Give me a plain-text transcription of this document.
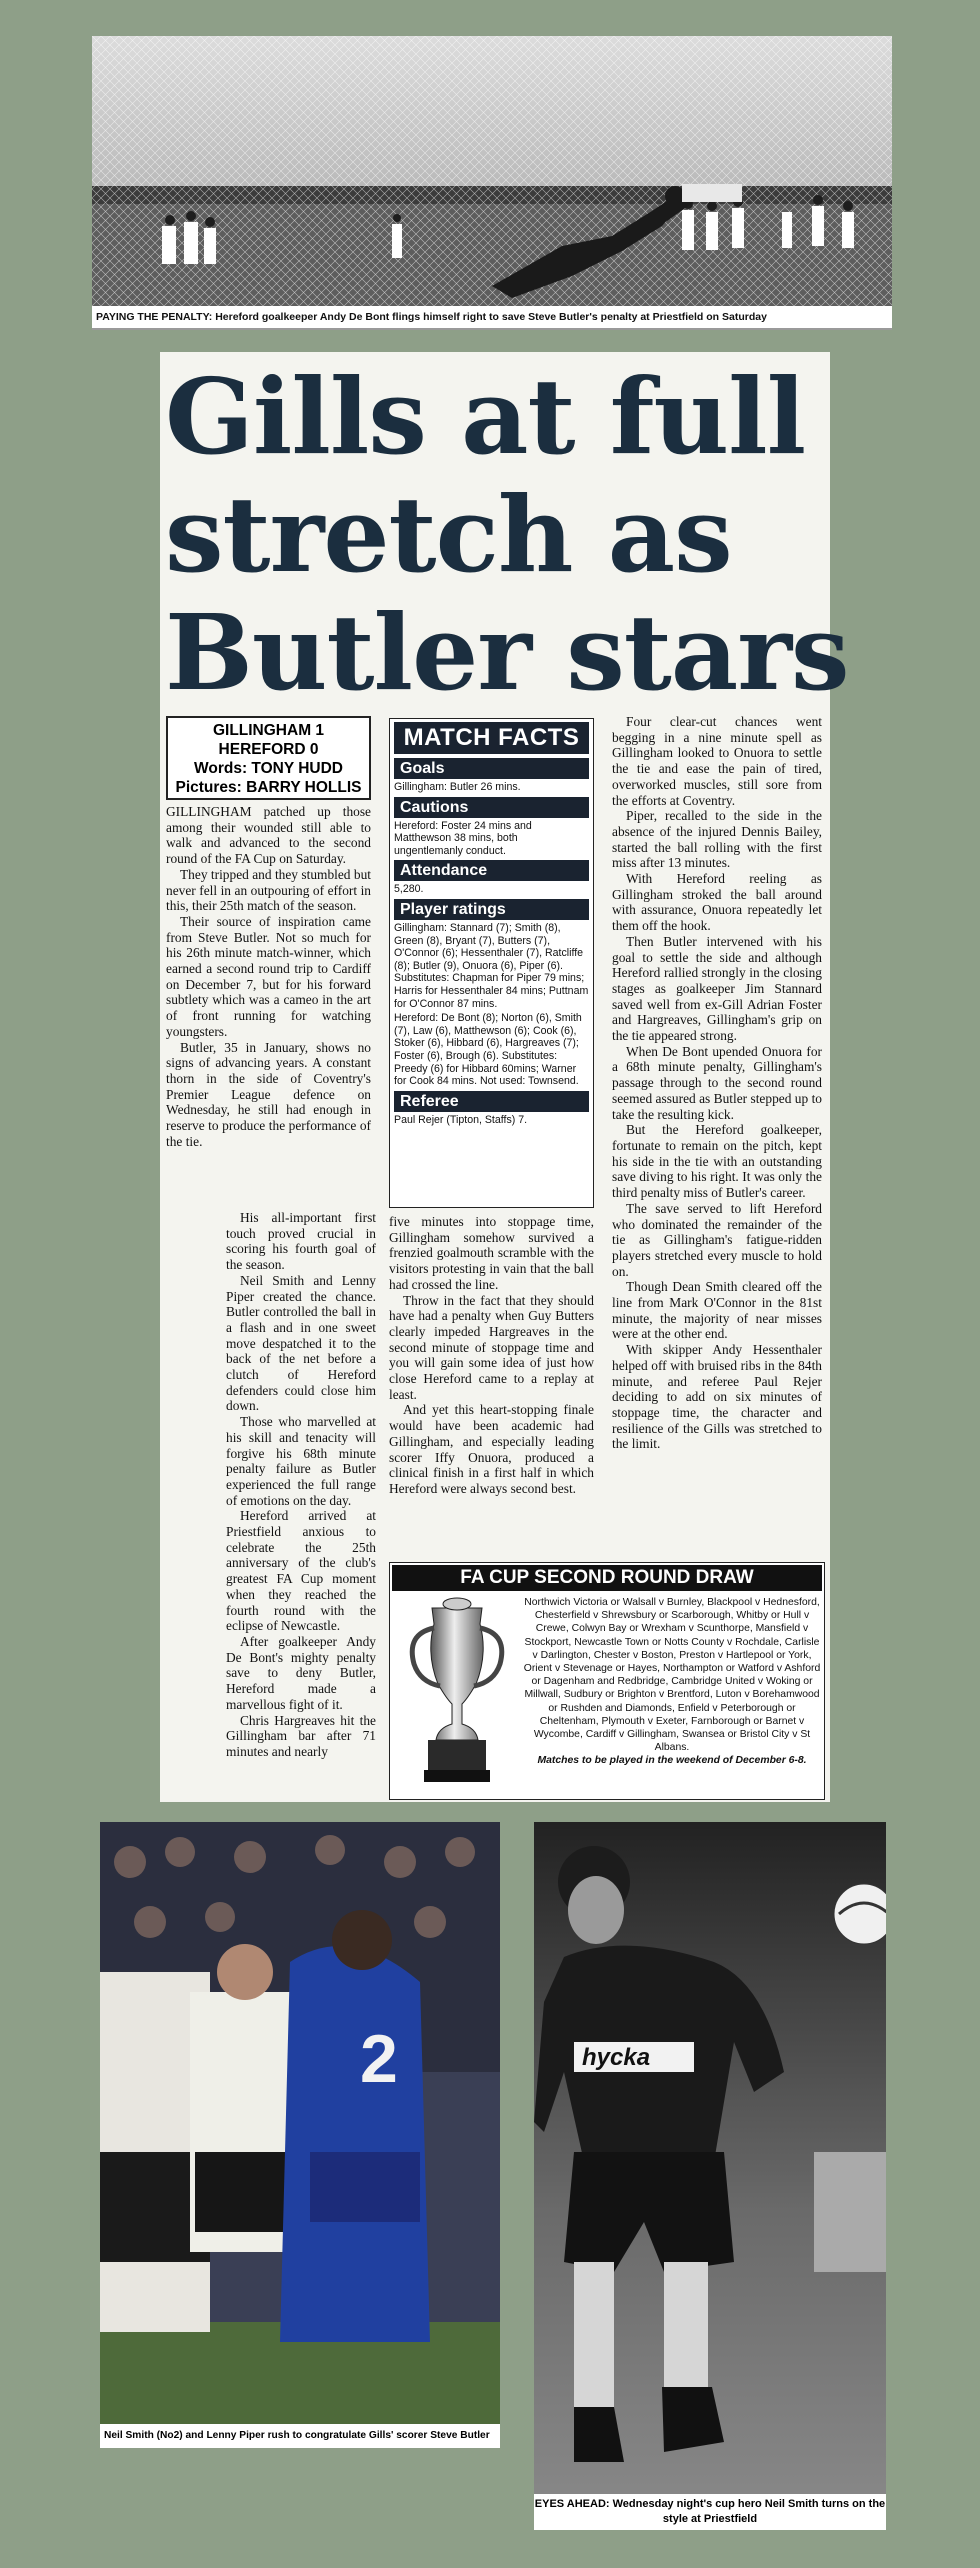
PAYING THE PENALTY: Hereford goalkeeper Andy De Bont flings himself right to save Steve Butler's penalty at Priestfield on Saturday
Gills at full
stretch as
Butler stars
GILLINGHAM 1
HEREFORD 0
Words: TONY HUDD
Pictures: BARRY HOLLIS

GILLINGHAM patched up those among their wounded still able to walk and advanced to the second round of the FA Cup on Saturday.

They tripped and they stumbled but never fell in an outpouring of effort in this, their 25th match of the season.

Their source of inspiration came from Steve Butler. Not so much for his 26th minute match-winner, which earned a second round trip to Cardiff on December 7, but for his forward subtlety which was a cameo in the art of front running for watching youngsters.

Butler, 35 in January, shows no signs of advancing years. A constant thorn in the side of Coventry's Premier League defence on Wednesday, he still had enough in reserve to produce the performance of the tie.

His all-important first touch proved crucial in scoring his fourth goal of the season.

Neil Smith and Lenny Piper created the chance. Butler controlled the ball in a flash and in one sweet move despatched it to the back of the net before a clutch of Hereford defenders could close him down.

Those who marvelled at his skill and tenacity will forgive his 68th minute penalty failure as Butler experienced the full range of emotions on the day.

Hereford arrived at Priestfield anxious to celebrate the 25th anniversary of the club's greatest FA Cup moment when they reached the fourth round with the eclipse of Newcastle.

After goalkeeper Andy De Bont's mighty penalty save to deny Butler, Hereford made a marvellous fight of it.

Chris Hargreaves hit the Gillingham bar after 71 minutes and nearly

MATCH FACTS
Goals
Gillingham: Butler 26 mins.
Cautions
Hereford: Foster 24 mins and Matthewson 38 mins, both ungentlemanly conduct.
Attendance
5,280.
Player ratings
Gillingham: Stannard (7); Smith (8), Green (8), Bryant (7), Butters (7), O'Connor (6); Hessenthaler (7), Ratcliffe (8); Butler (9), Onuora (6), Piper (6). Substitutes: Chapman for Piper 79 mins; Harris for Hessenthaler 84 mins; Puttnam for O'Connor 87 mins.
Hereford: De Bont (8); Norton (6), Smith (7), Law (6), Matthewson (6); Cook (6), Stoker (6), Hibbard (6), Hargreaves (7); Foster (6), Brough (6). Substitutes: Preedy (6) for Hibbard 60mins; Warner for Cook 84 mins. Not used: Townsend.
Referee
Paul Rejer (Tipton, Staffs) 7.

five minutes into stoppage time, Gillingham somehow survived a frenzied goalmouth scramble with the visitors protesting in vain that the ball had crossed the line.

Throw in the fact that they should have had a penalty when Guy Butters clearly impeded Hargreaves in the second minute of stoppage time and you will gain some idea of just how close Hereford came to a replay at least.

And yet this heart-stopping finale would have been academic had Gillingham, and especially leading scorer Iffy Onuora, produced a clinical finish in a first half in which Hereford were always second best.

Four clear-cut chances went begging in a nine minute spell as Gillingham looked to Onuora to settle the tie and ease the pain of tired, overworked muscles, still sore from the efforts at Coventry.

Piper, recalled to the side in the absence of the injured Dennis Bailey, started the ball rolling with the first miss after 13 minutes.

With Hereford reeling as Gillingham stroked the ball around with assurance, Onuora repeatedly let them off the hook.

Then Butler intervened with his goal to settle the side and although Hereford rallied strongly in the closing stages as goalkeeper Jim Stannard saved well from ex-Gill Adrian Foster and Hargreaves, Gillingham's grip on the tie appeared strong.

When De Bont upended Onuora for a 68th minute penalty, Gillingham's passage through to the second round seemed assured as Butler stepped up to take the resulting kick.

But the Hereford goalkeeper, fortunate to remain on the pitch, kept his side in the tie with an outstanding save diving to his right. It was only the third penalty miss of Butler's career.

The save served to lift Hereford who dominated the remainder of the tie as Gillingham's fatigue-ridden players stretched every muscle to hold on.

Though Dean Smith cleared off the line from Mark O'Connor in the 81st minute, the majority of near misses were at the other end.

With skipper Andy Hessenthaler helped off with bruised ribs in the 84th minute, and referee Paul Rejer deciding to add on six minutes of stoppage time, the character and resilience of the Gills was stretched to the limit.

FA CUP SECOND ROUND DRAW
Northwich Victoria or Walsall v Burnley, Blackpool v Hednesford, Chesterfield v Shrewsbury or Scarborough, Whitby or Hull v Crewe, Colwyn Bay or Wrexham v Scunthorpe, Mansfield v Stockport, Newcastle Town or Notts County v Rochdale, Carlisle v Darlington, Chester v Boston, Preston v Hartlepool or York, Orient v Stevenage or Hayes, Northampton or Watford v Ashford or Dagenham and Redbridge, Cambridge United v Woking or Millwall, Sudbury or Brighton v Brentford, Luton v Borehamwood or Rushden and Diamonds, Enfield v Peterborough or Cheltenham, Plymouth v Exeter, Farnborough or Barnet v Wycombe, Cardiff v Gillingham, Swansea or Bristol City v St Albans.
Matches to be played in the weekend of December 6-8.
2
Neil Smith (No2) and Lenny Piper rush to congratulate Gills' scorer Steve Butler
hycka
EYES AHEAD: Wednesday night's cup hero Neil Smith turns on the style at Priestfield
